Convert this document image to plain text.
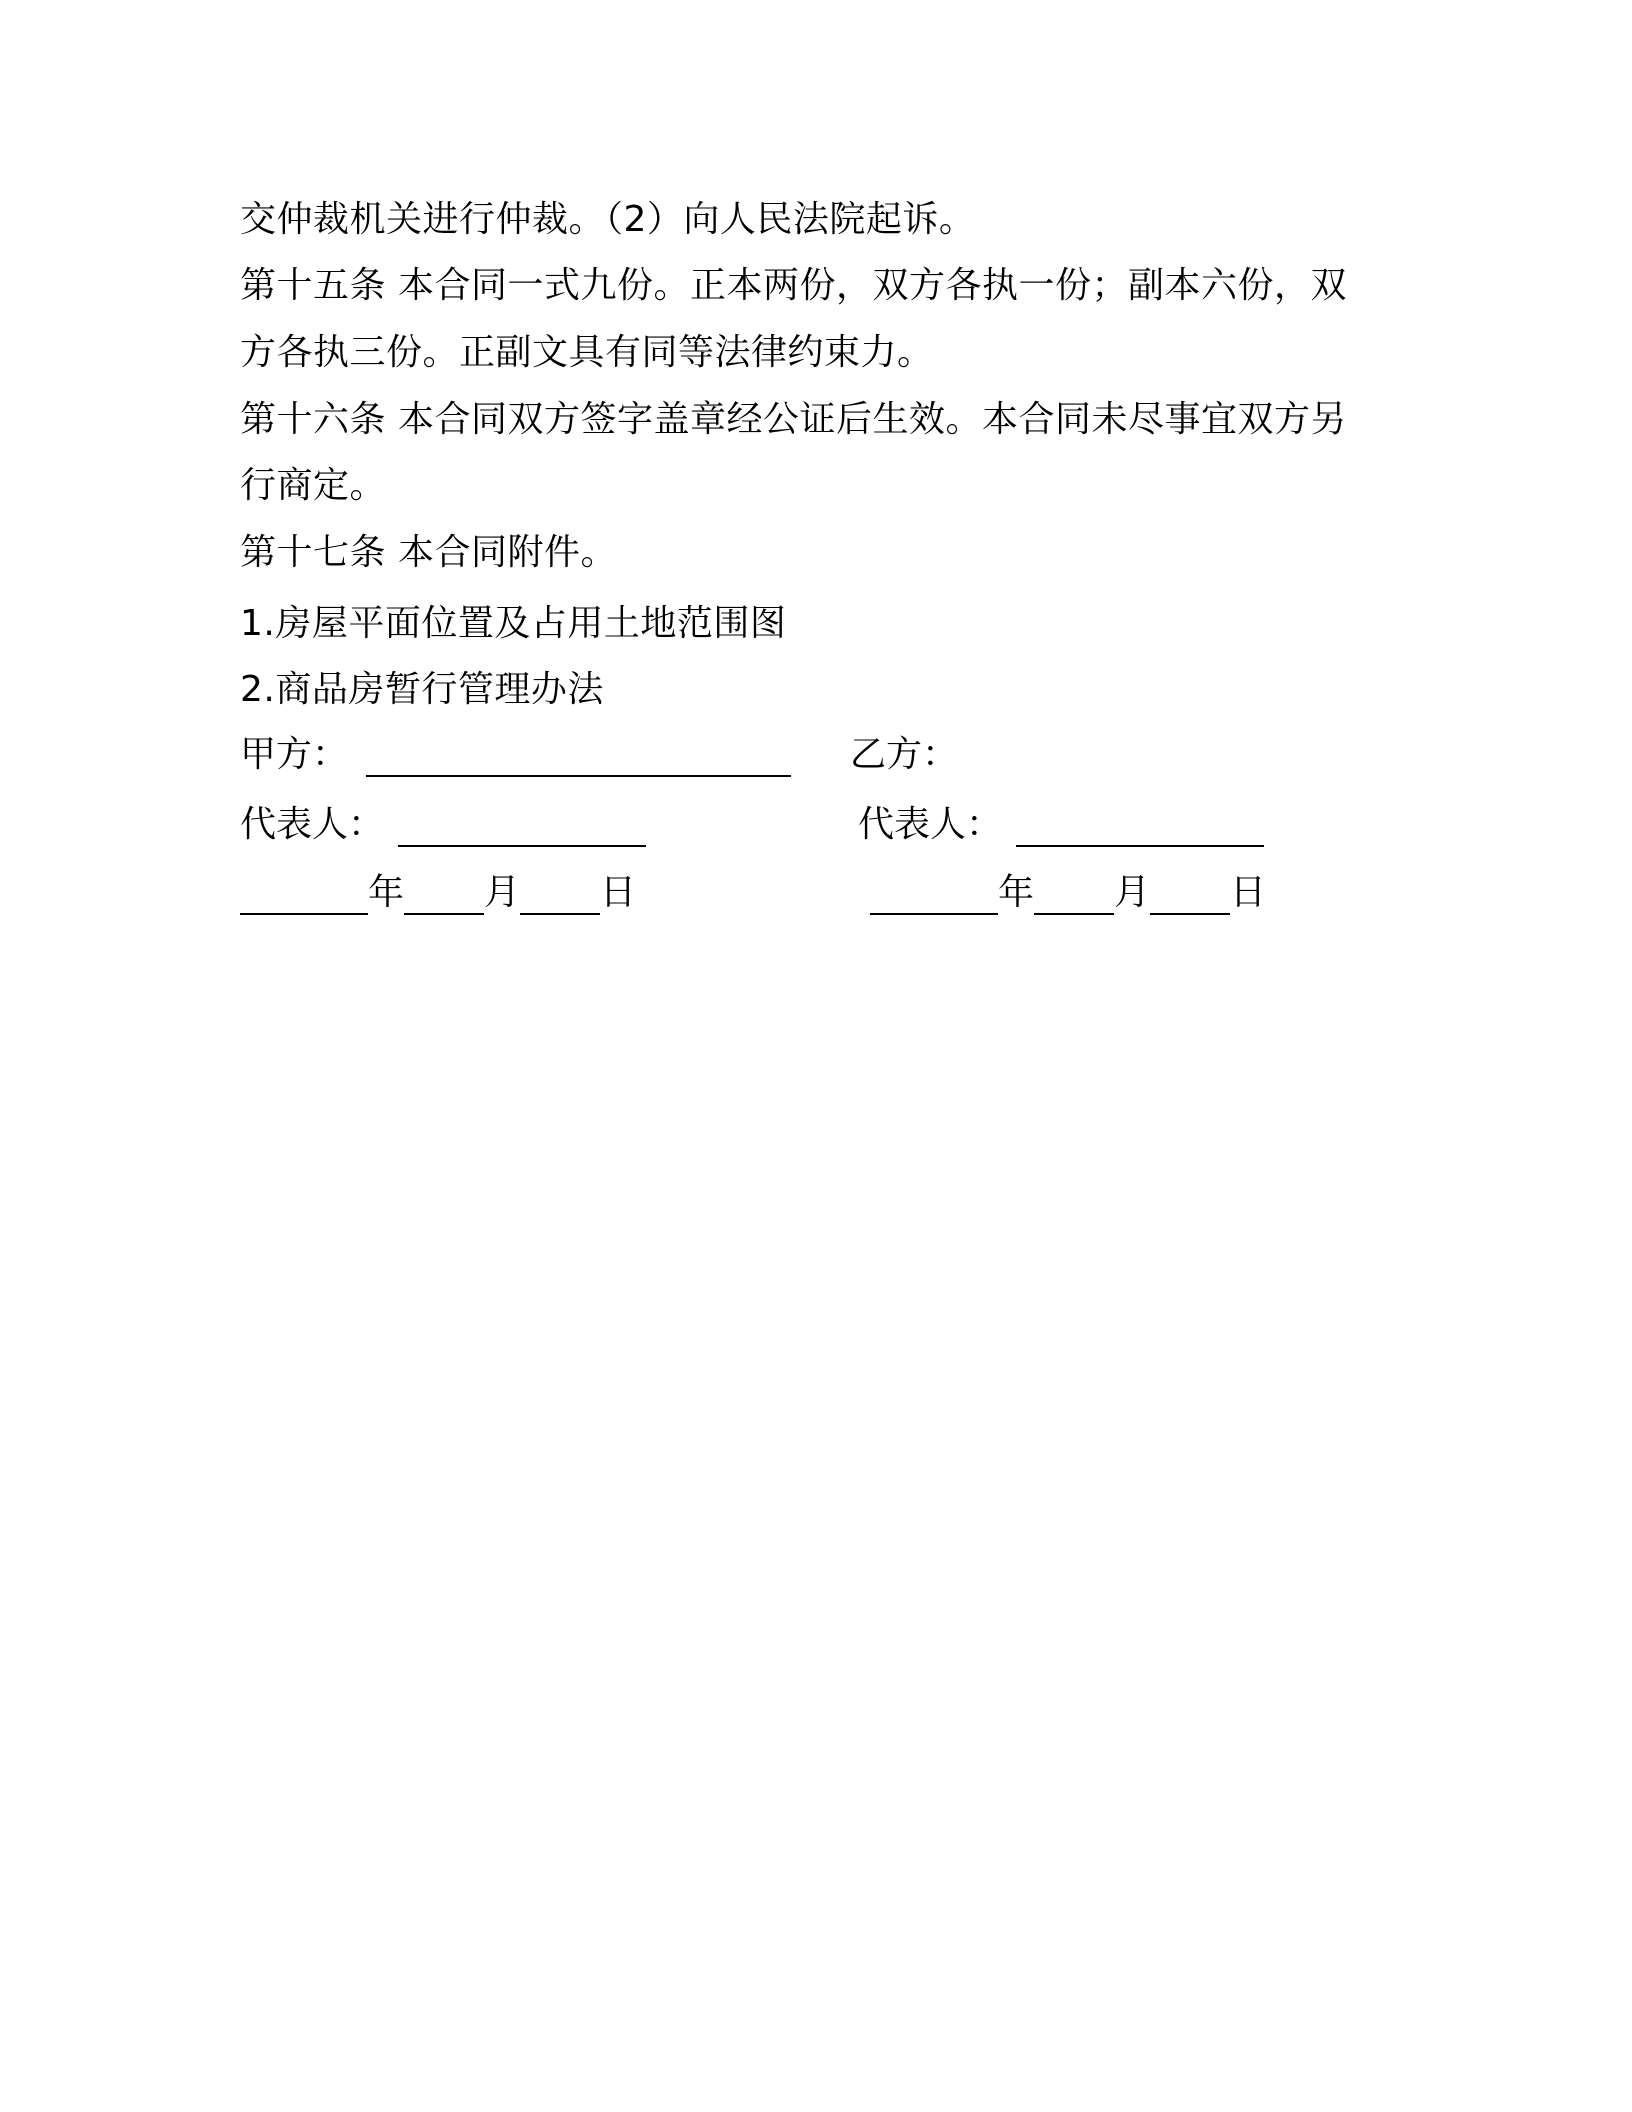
交仲裁机关进行仲裁。（2）向人民法院起诉。
第十五条 本合同一式九份。正本两份，双方各执一份；副本六份，双
方各执三份。正副文具有同等法律约束力。
第十六条 本合同双方签字盖章经公证后生效。本合同未尽事宜双方另
行商定。
第十七条 本合同附件。
1.房屋平面位置及占用土地范围图
2.商品房暂行管理办法
甲方：	乙方：
代表人：	代表人：
年 月 日	年 月 日
